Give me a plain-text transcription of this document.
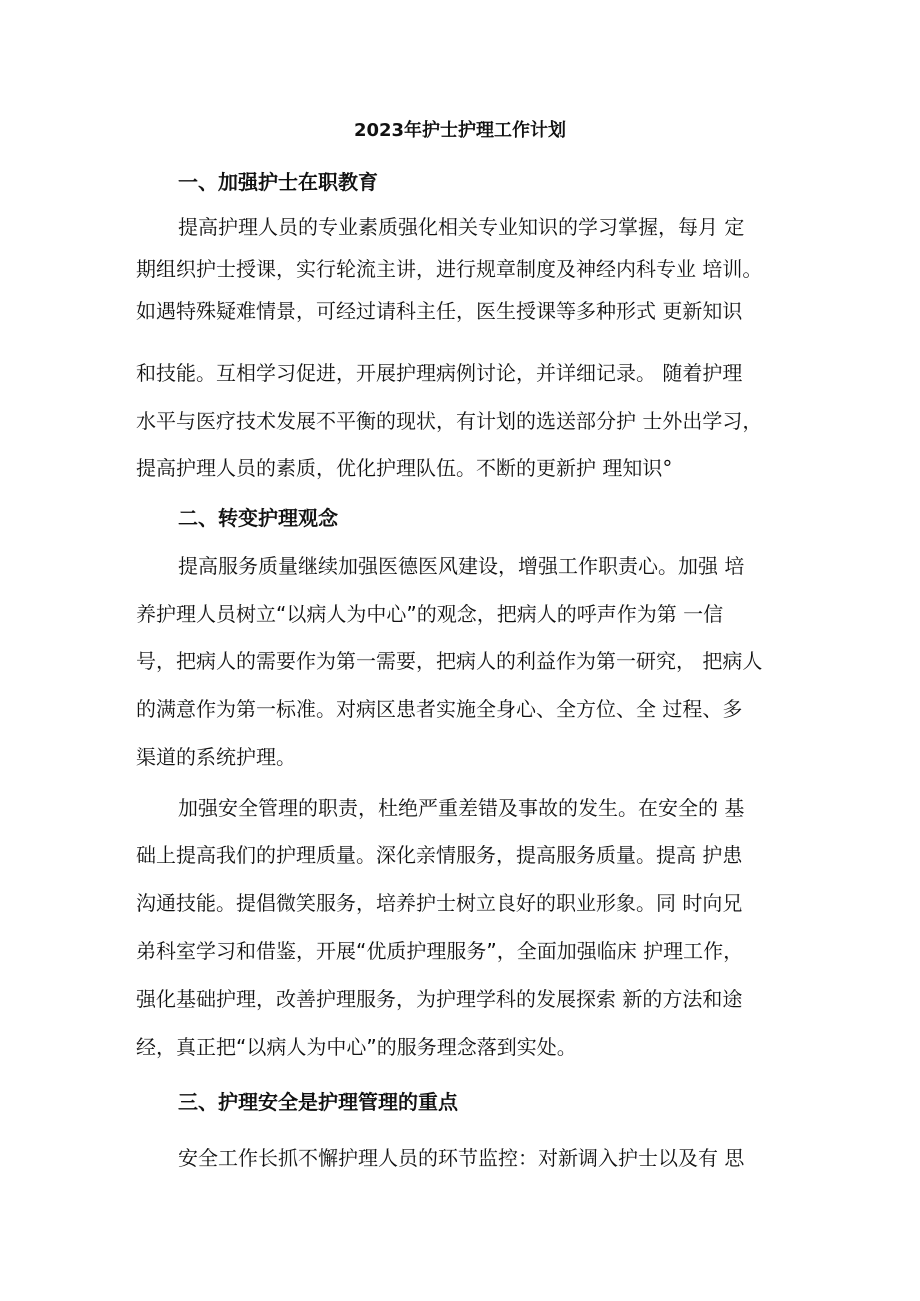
2023年护士护理工作计划
一、加强护士在职教育

提高护理人员的专业素质强化相关专业知识的学习掌握，每月 定

期组织护士授课，实行轮流主讲，进行规章制度及神经内科专业 培训。

如遇特殊疑难情景，可经过请科主任，医生授课等多种形式 更新知识

和技能。互相学习促进，开展护理病例讨论，并详细记录。 随着护理

水平与医疗技术发展不平衡的现状，有计划的选送部分护 士外出学习，

提高护理人员的素质，优化护理队伍。不断的更新护 理知识°

二、转变护理观念

提高服务质量继续加强医德医风建设，增强工作职责心。加强 培

养护理人员树立“以病人为中心”的观念，把病人的呼声作为第 一信

号，把病人的需要作为第一需要，把病人的利益作为第一研究， 把病人

的满意作为第一标准。对病区患者实施全身心、全方位、全 过程、多

渠道的系统护理。

加强安全管理的职责，杜绝严重差错及事故的发生。在安全的 基

础上提高我们的护理质量。深化亲情服务，提高服务质量。提高 护患

沟通技能。提倡微笑服务，培养护士树立良好的职业形象。同 时向兄

弟科室学习和借鉴，开展“优质护理服务”，全面加强临床 护理工作，

强化基础护理，改善护理服务，为护理学科的发展探索 新的方法和途

经，真正把“以病人为中心”的服务理念落到实处。

三、护理安全是护理管理的重点

安全工作长抓不懈护理人员的环节监控：对新调入护士以及有 思
